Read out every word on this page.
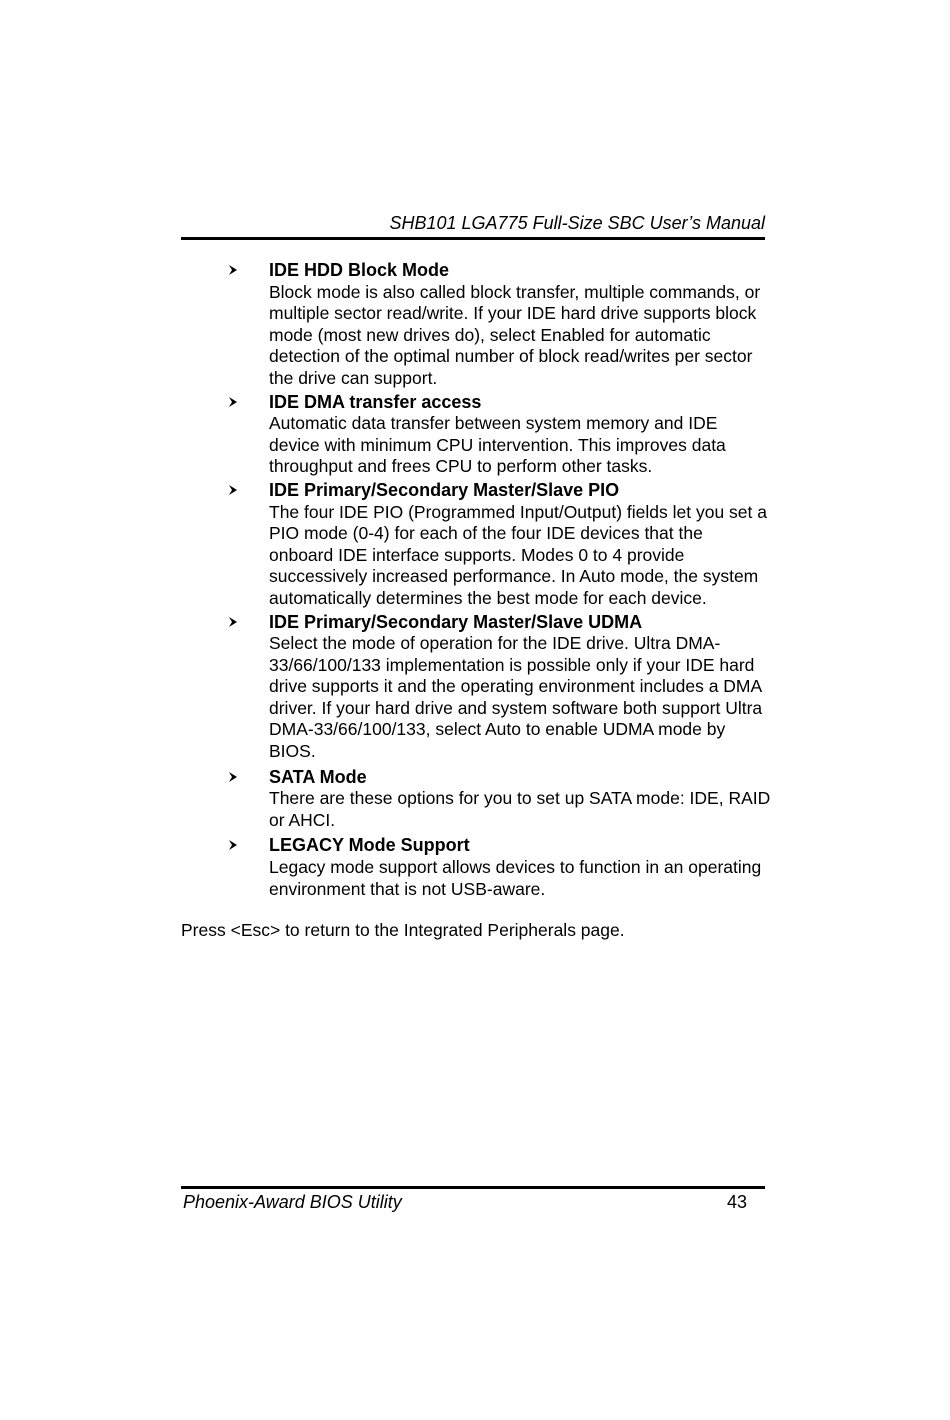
SHB101 LGA775 Full-Size SBC User’s Manual
IDE HDD Block Mode

Block mode is also called block transfer, multiple commands, or multiple sector read/write. If your IDE hard drive supports block mode (most new drives do), select Enabled for automatic detection of the optimal number of block read/writes per sector the drive can support.

IDE DMA transfer access

Automatic data transfer between system memory and IDE device with minimum CPU intervention. This improves data throughput and frees CPU to perform other tasks.

IDE Primary/Secondary Master/Slave PIO

The four IDE PIO (Programmed Input/Output) fields let you set a PIO mode (0-4) for each of the four IDE devices that the onboard IDE interface supports. Modes 0 to 4 provide successively increased performance. In Auto mode, the system automatically determines the best mode for each device.

IDE Primary/Secondary Master/Slave UDMA

Select the mode of operation for the IDE drive. Ultra DMA-33/66/100/133 implementation is possible only if your IDE hard drive supports it and the operating environment includes a DMA driver. If your hard drive and system software both support Ultra DMA-33/66/100/133, select Auto to enable UDMA mode by BIOS.

SATA Mode

There are these options for you to set up SATA mode: IDE, RAID or AHCI.

LEGACY Mode Support

Legacy mode support allows devices to function in an operating environment that is not USB-aware.

Press <Esc> to return to the Integrated Peripherals page.

Phoenix-Award BIOS Utility	43
